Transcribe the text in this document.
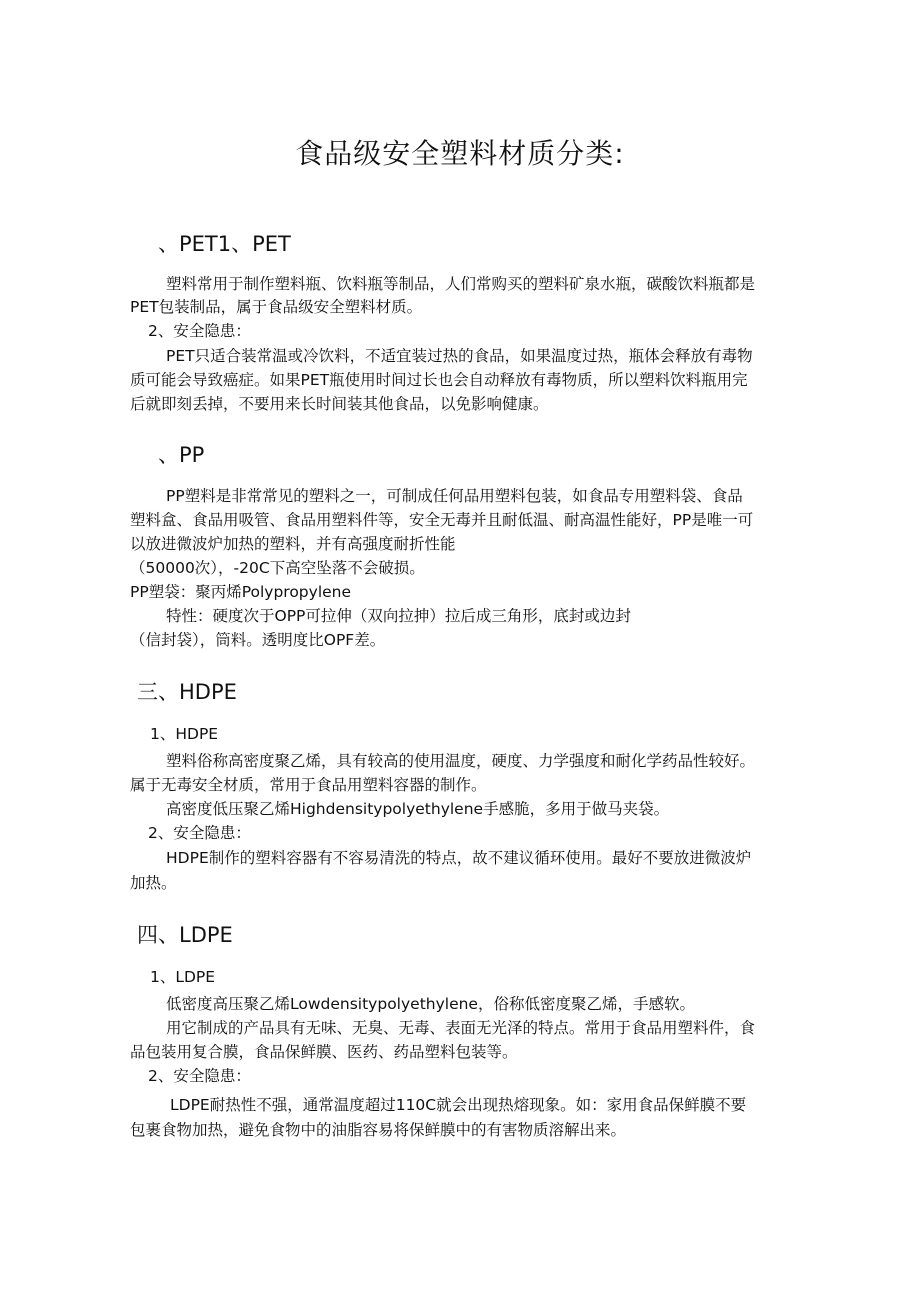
食品级安全塑料材质分类:
、PET1、PET
塑料常用于制作塑料瓶、饮料瓶等制品，人们常购买的塑料矿泉水瓶，碳酸饮料瓶都是
PET包装制品，属于食品级安全塑料材质。
2、安全隐患：
PET只适合装常温或冷饮料，不适宜装过热的食品，如果温度过热，瓶体会释放有毒物
质可能会导致癌症。如果PET瓶使用时间过长也会自动释放有毒物质，所以塑料饮料瓶用完
后就即刻丢掉，不要用来长时间装其他食品，以免影响健康。
、PP
PP塑料是非常常见的塑料之一，可制成任何品用塑料包装，如食品专用塑料袋、食品
塑料盒、食品用吸管、食品用塑料件等，安全无毒并且耐低温、耐高温性能好，PP是唯一可
以放进微波炉加热的塑料，并有高强度耐折性能
（50000次），-20C下高空坠落不会破损。
PP塑袋：聚丙烯Polypropylene
特性：硬度次于OPP可拉伸（双向拉抻）拉后成三角形，底封或边封
（信封袋），筒料。透明度比OPF差。
三、HDPE
1、HDPE
塑料俗称高密度聚乙烯，具有较高的使用温度，硬度、力学强度和耐化学药品性较好。
属于无毒安全材质，常用于食品用塑料容器的制作。
高密度低压聚乙烯Highdensitypolyethylene手感脆，多用于做马夹袋。
2、安全隐患：
HDPE制作的塑料容器有不容易清洗的特点，故不建议循环使用。最好不要放进微波炉
加热。
四、LDPE
1、LDPE
低密度高压聚乙烯Lowdensitypolyethylene，俗称低密度聚乙烯，手感软。
用它制成的产品具有无味、无臭、无毒、表面无光泽的特点。常用于食品用塑料件，食
品包装用复合膜，食品保鲜膜、医药、药品塑料包装等。
2、安全隐患：
LDPE耐热性不强，通常温度超过110C就会出现热熔现象。如：家用食品保鲜膜不要
包裹食物加热，避免食物中的油脂容易将保鲜膜中的有害物质溶解出来。
